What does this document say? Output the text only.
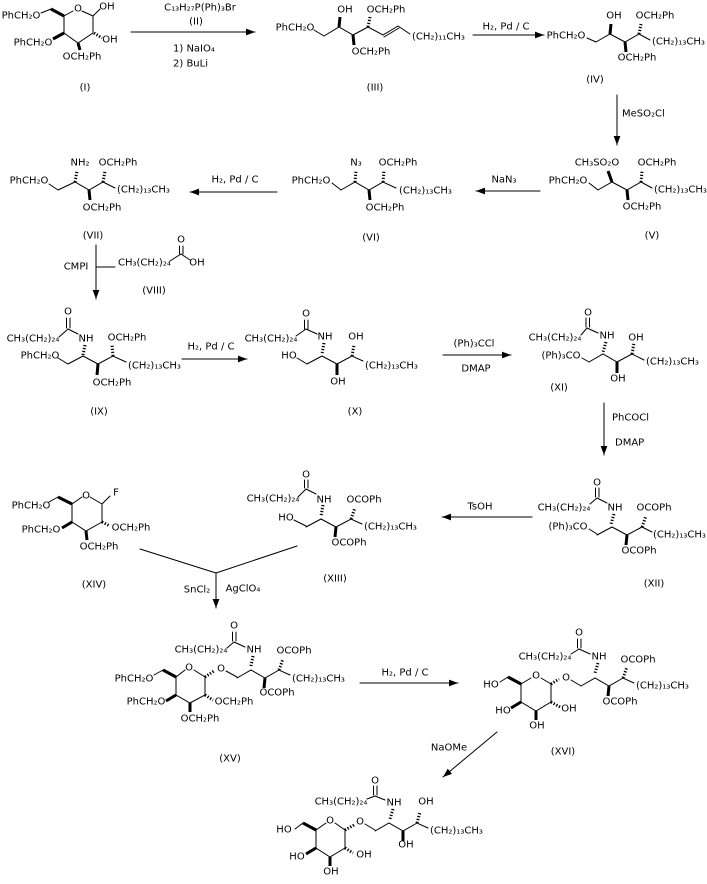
PhCH₂O
O OH
OH
PhCH₂O
OCH₂Ph
(I)
C₁₃H₂₇P(Ph)₃Br
(II)
1) NaIO₄
2) BuLi
PhCH₂O
OH OCH₂Ph
OCH₂Ph
(CH₂)₁₁CH₃
(III)
H₂, Pd / C
PhCH₂O
OH OCH₂Ph
OCH₂Ph
(CH₂)₁₃CH₃
(IV)
MeSO₂Cl
CH₃SO₂O OCH₂Ph
PhCH₂O
OCH₂Ph
(CH₂)₁₃CH₃
(V)
NaN₃
N₃ OCH₂Ph
PhCH₂O
OCH₂Ph
(CH₂)₁₃CH₃
(VI)
H₂, Pd / C
NH₂ OCH₂Ph
PhCH₂O
OCH₂Ph
(CH₂)₁₃CH₃
(VII)
CMPI	CH₃(CH₂)₂₄
O
OH
(VIII)
O
CH₃(CH₂)₂₄ NH OCH₂Ph
PhCH₂O
OCH₂Ph
(CH₂)₁₃CH₃
(IX)
H₂, Pd / C
O
CH₃(CH₂)₂₄ NH OH
HO
OH
(CH₂)₁₃CH₃
(X)
(Ph)₃CCl
DMAP
O
CH₃(CH₂)₂₄ NH OH
(Ph)₃CO
OH
(CH₂)₁₃CH₃
(XI)
PhCOCl
DMAP
O
CH₃(CH₂)₂₄ NH OCOPh
(Ph)₃CO
OCOPh
(CH₂)₁₃CH₃
(XII)
TsOH
O
CH₃(CH₂)₂₄ NH OCOPh
HO
OCOPh
(CH₂)₁₃CH₃
(XIII)
PhCH₂O
O F
PhCH₂O	OCH₂Ph
OCH₂Ph
(XIV)	SnCl₂ AgClO₄
O
CH₃(CH₂)₂₄ NH OCOPh
PhCH₂O
O O
(CH₂)₁₃CH₃
OCOPh
PhCH₂O	OCH₂Ph
OCH₂Ph
(XV)
H₂, Pd / C
O
CH₃(CH₂)₂₄ NH OCOPh
HO
O O
(CH₂)₁₃CH₃
OCOPh
HO	OH
OH
(XVI)
NaOMe
O
CH₃(CH₂)₂₄ NH OH
HO
O O
(CH₂)₁₃CH₃
OH
HO	OH
OH
